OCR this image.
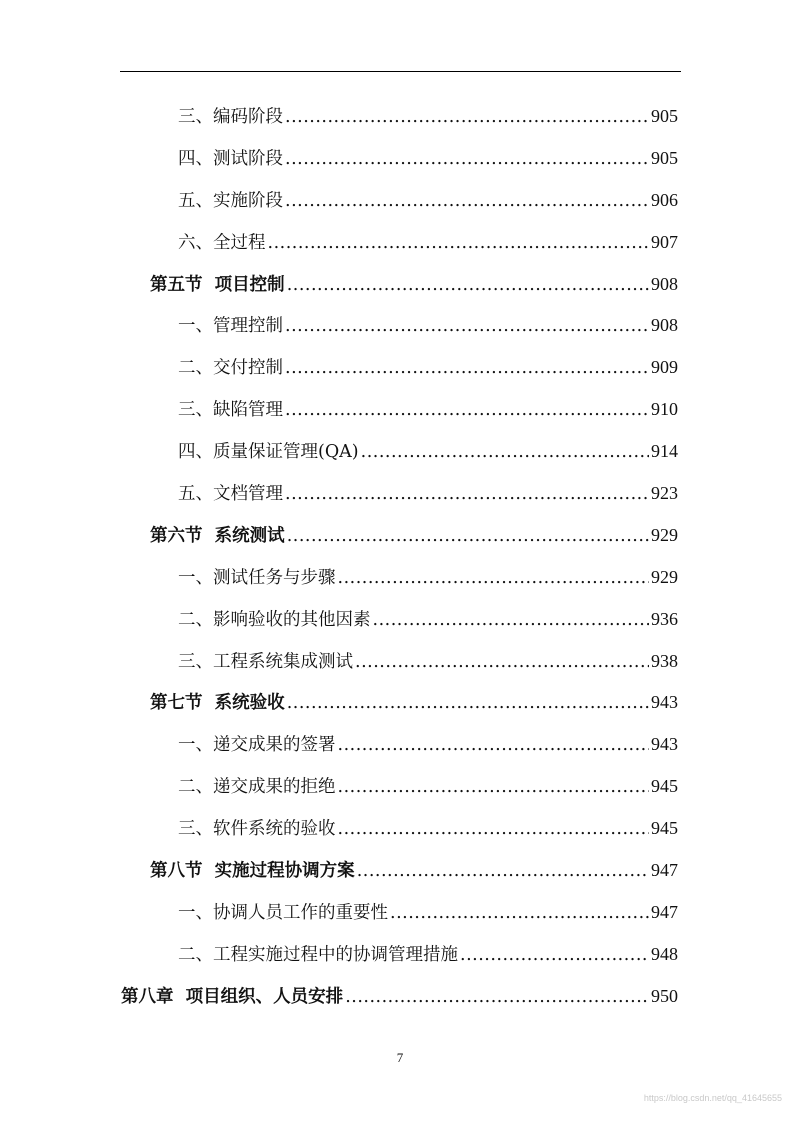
三、编码阶段 .....	905
四、测试阶段 .....	905
五、实施阶段 .....	906
六、全过程 .....	907
第五节  项目控制 .....	908
一、管理控制 .....	908
二、交付控制 .....	909
三、缺陷管理 .....	910
四、质量保证管理(QA) .....	914
五、文档管理 .....	923
第六节  系统测试 .....	929
一、测试任务与步骤 .....	929
二、影响验收的其他因素 .....	936
三、工程系统集成测试 .....	938
第七节  系统验收 .....	943
一、递交成果的签署 .....	943
二、递交成果的拒绝 .....	945
三、软件系统的验收 .....	945
第八节  实施过程协调方案 .....	947
一、协调人员工作的重要性 .....	947
二、工程实施过程中的协调管理措施 .....	948
第八章  项目组织、人员安排 .....	950
7
https://blog.csdn.net/qq_41645655
